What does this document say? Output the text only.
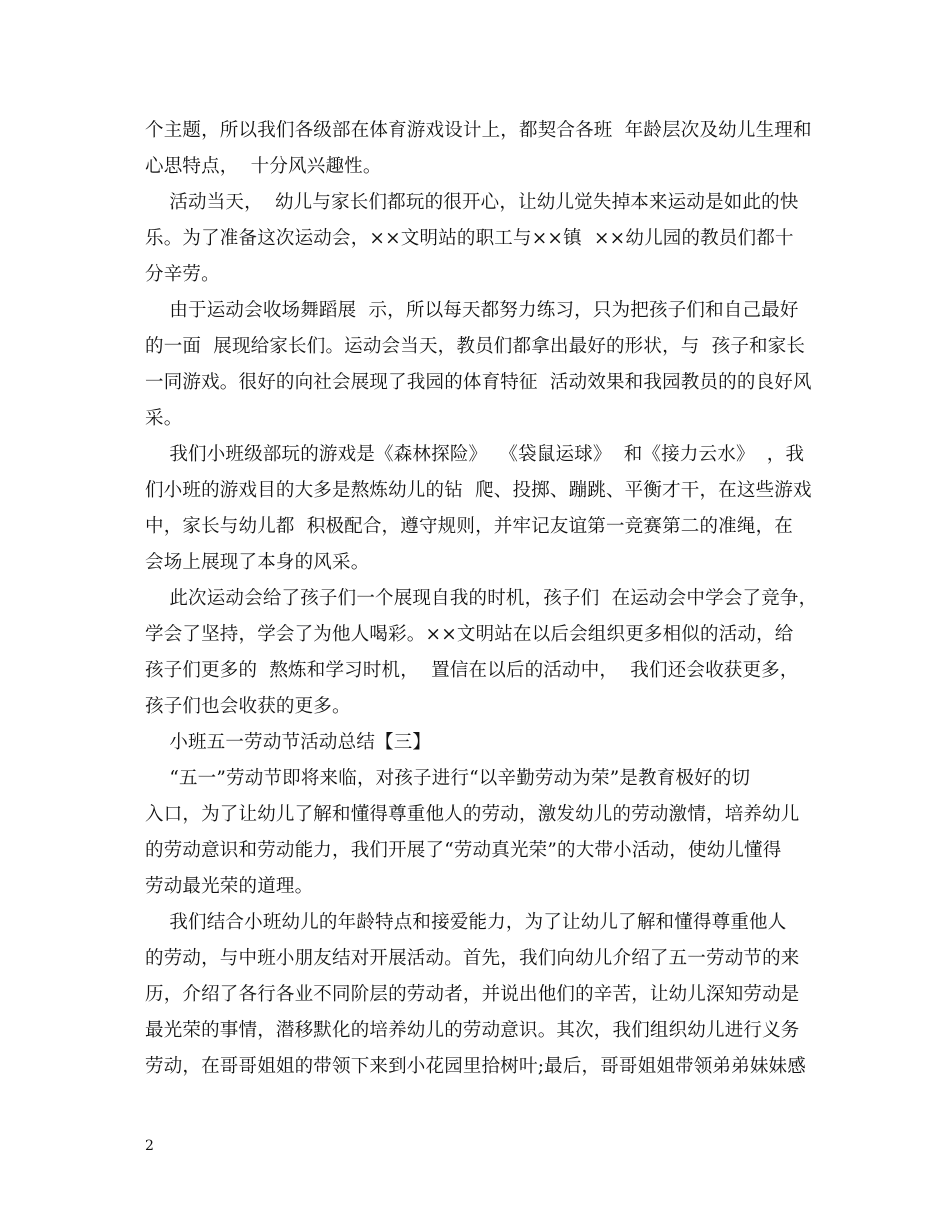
个主题，所以我们各级部在体育游戏设计上，都契合各班  年龄层次及幼儿生理和
心思特点，  十分风兴趣性。
活动当天，  幼儿与家长们都玩的很开心，让幼儿觉失掉本来运动是如此的快
乐。为了准备这次运动会，××文明站的职工与××镇  ××幼儿园的教员们都十
分辛劳。
由于运动会收场舞蹈展  示，所以每天都努力练习，只为把孩子们和自己最好
的一面  展现给家长们。运动会当天，教员们都拿出最好的形状，与  孩子和家长
一同游戏。很好的向社会展现了我园的体育特征  活动效果和我园教员的的良好风
采。
我们小班级部玩的游戏是《森林探险》  《袋鼠运球》  和《接力云水》  ，我
们小班的游戏目的大多是熬炼幼儿的钻  爬、投掷、蹦跳、平衡才干，在这些游戏
中，家长与幼儿都  积极配合，遵守规则，并牢记友谊第一竞赛第二的准绳，在
会场上展现了本身的风采。
此次运动会给了孩子们一个展现自我的时机，孩子们  在运动会中学会了竞争，
学会了坚持，学会了为他人喝彩。××文明站在以后会组织更多相似的活动，给
孩子们更多的  熬炼和学习时机，  置信在以后的活动中，  我们还会收获更多，
孩子们也会收获的更多。
小班五一劳动节活动总结【三】
“五一”劳动节即将来临，对孩子进行“以辛勤劳动为荣”是教育极好的切
入口，为了让幼儿了解和懂得尊重他人的劳动，激发幼儿的劳动激情，培养幼儿
的劳动意识和劳动能力，我们开展了“劳动真光荣”的大带小活动，使幼儿懂得
劳动最光荣的道理。
我们结合小班幼儿的年龄特点和接爱能力，为了让幼儿了解和懂得尊重他人
的劳动，与中班小朋友结对开展活动。首先，我们向幼儿介绍了五一劳动节的来
历，介绍了各行各业不同阶层的劳动者，并说出他们的辛苦，让幼儿深知劳动是
最光荣的事情，潜移默化的培养幼儿的劳动意识。其次，我们组织幼儿进行义务
劳动，在哥哥姐姐的带领下来到小花园里拾树叶;最后，哥哥姐姐带领弟弟妹妹感
2
